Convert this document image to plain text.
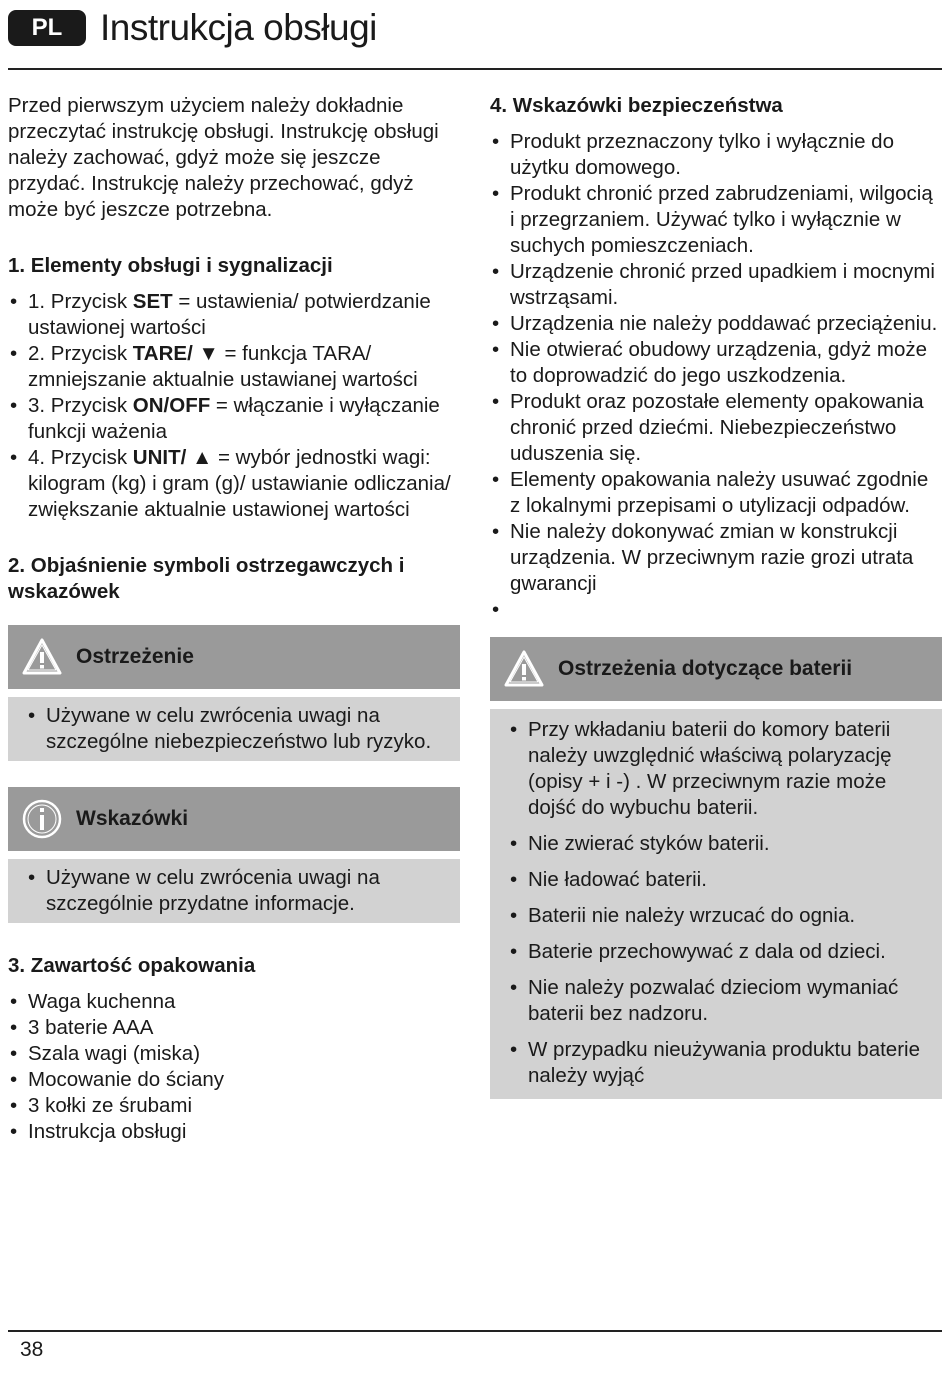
PL	Instrukcja obsługi

Przed pierwszym użyciem należy dokładnie przeczytać instrukcję obsługi. Instrukcję obsługi należy zachować, gdyż może się jeszcze przydać. Instrukcję należy przechować, gdyż może być jeszcze potrzebna.

1. Elementy obsługi i sygnalizacji
• 1. Przycisk SET = ustawienia/ potwierdzanie ustawionej wartości
• 2. Przycisk TARE/ ▼ = funkcja TARA/ zmniejszanie aktualnie ustawianej wartości
• 3. Przycisk ON/OFF = włączanie i wyłączanie funkcji ważenia
• 4. Przycisk UNIT/ ▲ = wybór jednostki wagi: kilogram (kg) i gram (g)/ ustawianie odliczania/ zwiększanie aktualnie ustawionej wartości
2. Objaśnienie symboli ostrzegawczych i wskazówek
Ostrzeżenie
• Używane w celu zwrócenia uwagi na szczególne niebezpieczeństwo lub ryzyko.
Wskazówki
• Używane w celu zwrócenia uwagi na szczególnie przydatne informacje.
3. Zawartość opakowania
• Waga kuchenna
• 3 baterie AAA
• Szala wagi (miska)
• Mocowanie do ściany
• 3 kołki ze śrubami
• Instrukcja obsługi
4. Wskazówki bezpieczeństwa
• Produkt przeznaczony tylko i wyłącznie do użytku domowego.
• Produkt chronić przed zabrudzeniami, wilgocią i przegrzaniem. Używać tylko i wyłącznie w suchych pomieszczeniach.
• Urządzenie chronić przed upadkiem i mocnymi wstrząsami.
• Urządzenia nie należy poddawać przeciążeniu.
• Nie otwierać obudowy urządzenia, gdyż może to doprowadzić do jego uszkodzenia.
• Produkt oraz pozostałe elementy opakowania chronić przed dziećmi. Niebezpieczeństwo uduszenia się.
• Elementy opakowania należy usuwać zgodnie z lokalnymi przepisami o utylizacji odpadów.
• Nie należy dokonywać zmian w konstrukcji urządzenia. W przeciwnym razie grozi utrata gwarancji
•
Ostrzeżenia dotyczące baterii
• Przy wkładaniu baterii do komory baterii należy uwzględnić właściwą polaryzację (opisy + i -) . W przeciwnym razie może dojść do wybuchu baterii.
• Nie zwierać styków baterii.
• Nie ładować baterii.
• Baterii nie należy wrzucać do ognia.
• Baterie przechowywać z dala od dzieci.
• Nie należy pozwalać dzieciom wymaniać baterii bez nadzoru.
• W przypadku nieużywania produktu baterie należy wyjąć
38
